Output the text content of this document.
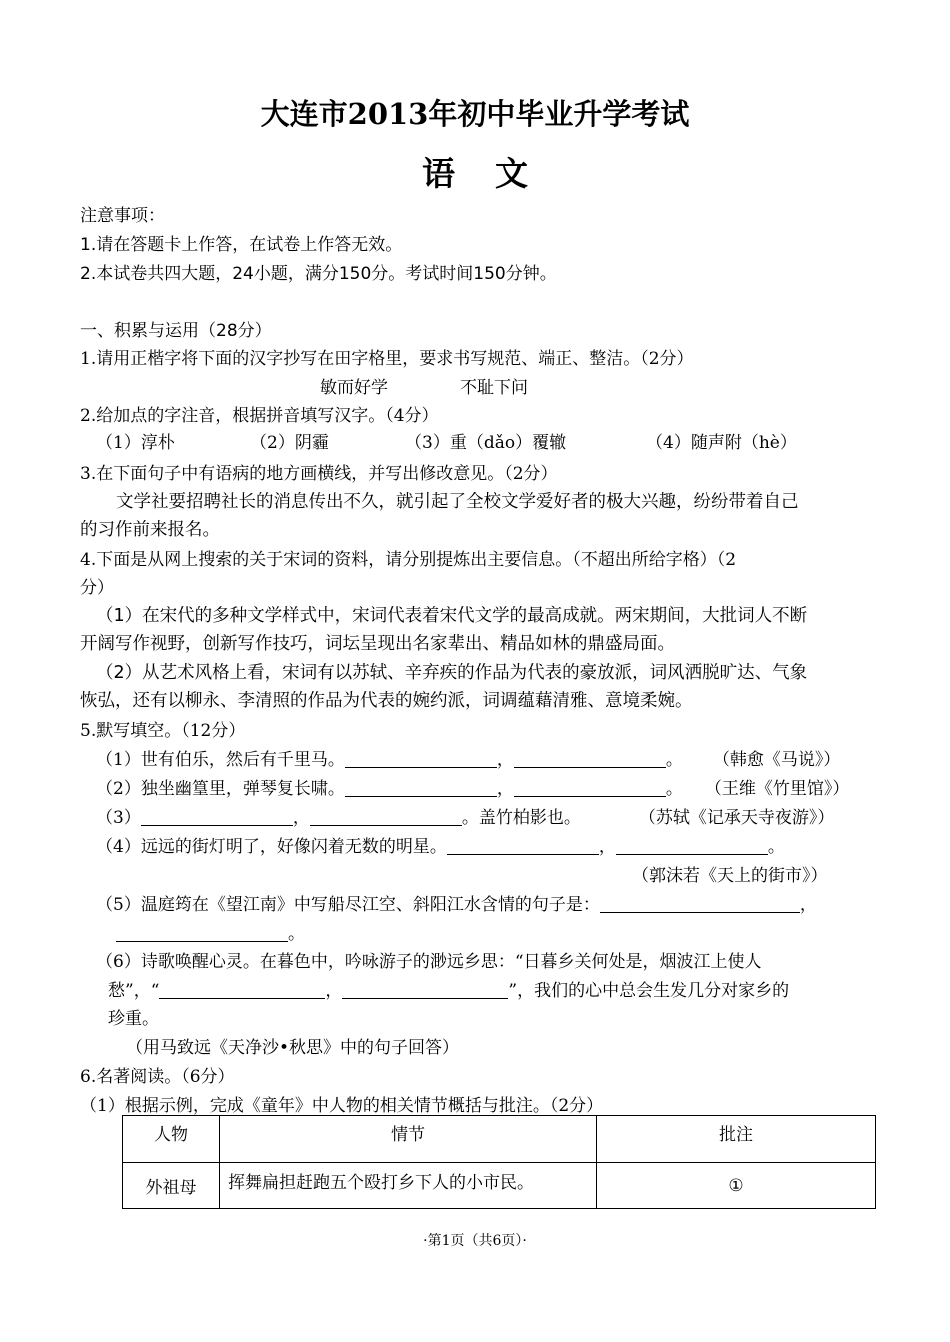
大连市2013年初中毕业升学考试
语文
注意事项：
1.请在答题卡上作答，在试卷上作答无效。
2.本试卷共四大题，24小题，满分150分。考试时间150分钟。
一、积累与运用（28分）
1.请用正楷字将下面的汉字抄写在田字格里，要求书写规范、端正、整洁。（2分）
敏而好学	不耻下问
2.给加点的字注音，根据拼音填写汉字。（4分）
（1）淳朴	（2）阴霾	（3）重（dǎo）覆辙	（4）随声附（hè）
3.在下面句子中有语病的地方画横线，并写出修改意见。（2分）
文学社要招聘社长的消息传出不久，就引起了全校文学爱好者的极大兴趣，纷纷带着自己
的习作前来报名。
4.下面是从网上搜索的关于宋词的资料，请分别提炼出主要信息。（不超出所给字格）（2
分）
（1）在宋代的多种文学样式中，宋词代表着宋代文学的最高成就。两宋期间，大批词人不断
开阔写作视野，创新写作技巧，词坛呈现出名家辈出、精品如林的鼎盛局面。
（2）从艺术风格上看，宋词有以苏轼、辛弃疾的作品为代表的豪放派，词风洒脱旷达、气象
恢弘，还有以柳永、李清照的作品为代表的婉约派，词调蕴藉清雅、意境柔婉。
5.默写填空。（12分）
（1）世有伯乐，然后有千里马。	，	。 （韩愈《马说》）
（2）独坐幽篁里，弹琴复长啸。	，	。 （王维《竹里馆》）
（3）	，	。盖竹柏影也。	（苏轼《记承天寺夜游》）
（4）远远的街灯明了，好像闪着无数的明星。	，	。
（郭沫若《天上的街市》）
（5）温庭筠在《望江南》中写船尽江空、斜阳江水含情的句子是：	，
。
（6）诗歌唤醒心灵。在暮色中，吟咏游子的渺远乡思：“日暮乡关何处是，烟波江上使人
愁”，“	，	”，我们的心中总会生发几分对家乡的
珍重。
（用马致远《天净沙•秋思》中的句子回答）
6.名著阅读。（6分）
（1）根据示例，完成《童年》中人物的相关情节概括与批注。（2分）
人物	情节	批注
外祖母	挥舞扁担赶跑五个殴打乡下人的小市民。	①
·第1页（共6页）·
